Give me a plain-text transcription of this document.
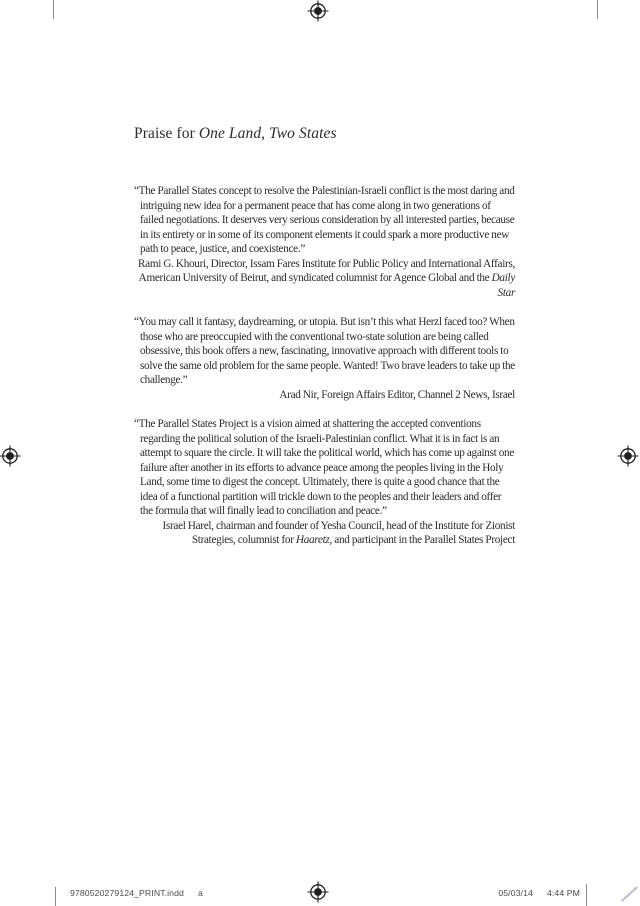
Praise for One Land, Two States
“The Parallel States concept to resolve the Palestinian-Israeli conflict is the most daring and intriguing new idea for a permanent peace that has come along in two generations of failed negotiations. It deserves very serious consideration by all interested parties, because in its entirety or in some of its component elements it could spark a more productive new path to peace, justice, and coexistence.”
Rami G. Khouri, Director, Issam Fares Institute for Public Policy and International Affairs, American University of Beirut, and syndicated columnist for Agence Global and the Daily Star
“You may call it fantasy, daydreaming, or utopia. But isn’t this what Herzl faced too? When those who are preoccupied with the conventional two-state solution are being called obsessive, this book offers a new, fascinating, innovative approach with different tools to solve the same old problem for the same people. Wanted! Two brave leaders to take up the challenge.”
Arad Nir, Foreign Affairs Editor, Channel 2 News, Israel
“The Parallel States Project is a vision aimed at shattering the accepted conventions regarding the political solution of the Israeli-Palestinian conflict. What it is in fact is an attempt to square the circle. It will take the political world, which has come up against one failure after another in its efforts to advance peace among the peoples living in the Holy Land, some time to digest the concept. Ultimately, there is quite a good chance that the idea of a functional partition will trickle down to the peoples and their leaders and offer the formula that will finally lead to conciliation and peace.”
Israel Harel, chairman and founder of Yesha Council, head of the Institute for Zionist Strategies, columnist for Haaretz, and participant in the Parallel States Project
9780520279124_PRINT.indd a	05/03/14 4:44 PM
